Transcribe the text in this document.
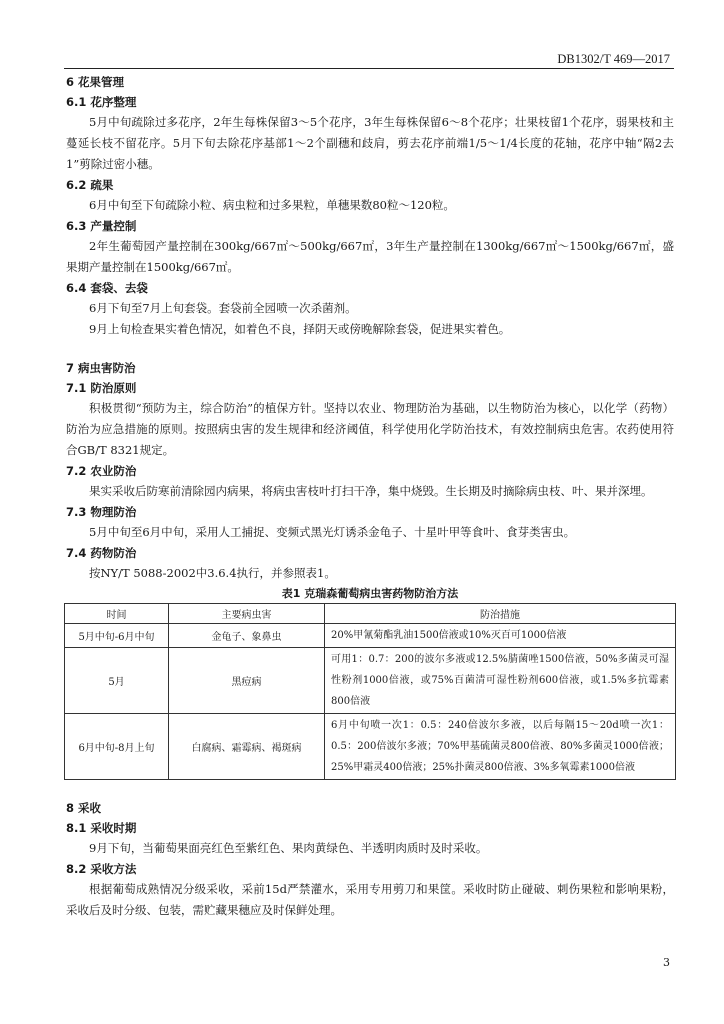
DB1302/T 469—2017
6 花果管理
6.1 花序整理

5月中旬疏除过多花序，2年生每株保留3～5个花序，3年生每株保留6～8个花序；壮果枝留1个花序，弱果枝和主蔓延长枝不留花序。5月下旬去除花序基部1～2个副穗和歧肩，剪去花序前端1/5～1/4长度的花轴，花序中轴“隔2去1”剪除过密小穗。

6.2 疏果

6月中旬至下旬疏除小粒、病虫粒和过多果粒，单穗果数80粒～120粒。

6.3 产量控制

2年生葡萄园产量控制在300kg/667㎡～500kg/667㎡，3年生产量控制在1300kg/667㎡～1500kg/667㎡，盛果期产量控制在1500kg/667㎡。

6.4 套袋、去袋

6月下旬至7月上旬套袋。套袋前全园喷一次杀菌剂。

9月上旬检查果实着色情况，如着色不良，择阴天或傍晚解除套袋，促进果实着色。

7 病虫害防治
7.1 防治原则

积极贯彻“预防为主，综合防治”的植保方针。坚持以农业、物理防治为基础，以生物防治为核心，以化学（药物）防治为应急措施的原则。按照病虫害的发生规律和经济阈值，科学使用化学防治技术，有效控制病虫危害。农药使用符合GB/T 8321规定。

7.2 农业防治

果实采收后防寒前清除园内病果，将病虫害枝叶打扫干净，集中烧毁。生长期及时摘除病虫枝、叶、果并深埋。

7.3 物理防治

5月中旬至6月中旬，采用人工捕捉、变频式黑光灯诱杀金龟子、十星叶甲等食叶、食芽类害虫。

7.4 药物防治

按NY/T 5088-2002中3.6.4执行，并参照表1。

表1 克瑞森葡萄病虫害药物防治方法
时间	主要病虫害	防治措施
5月中旬-6月中旬	金龟子、象鼻虫	20%甲氰菊酯乳油1500倍液或10%灭百可1000倍液
5月	黑痘病	可用1：0.7：200的波尔多液或12.5%腈菌唑1500倍液，50%多菌灵可湿性粉剂1000倍液，或75%百菌清可湿性粉剂600倍液，或1.5%多抗霉素800倍液
6月中旬-8月上旬	白腐病、霜霉病、褐斑病	6月中旬喷一次1：0.5：240倍波尔多液，以后每隔15～20d喷一次1：0.5：200倍波尔多液；70%甲基硫菌灵800倍液、80%多菌灵1000倍液；25%甲霜灵400倍液；25%扑菌灵800倍液、3%多氧霉素1000倍液
8 采收
8.1 采收时期

9月下旬，当葡萄果面亮红色至紫红色、果肉黄绿色、半透明肉质时及时采收。

8.2 采收方法

根据葡萄成熟情况分级采收，采前15d严禁灌水，采用专用剪刀和果筐。采收时防止碰破、刺伤果粒和影响果粉，采收后及时分级、包装，需贮藏果穗应及时保鲜处理。

3
